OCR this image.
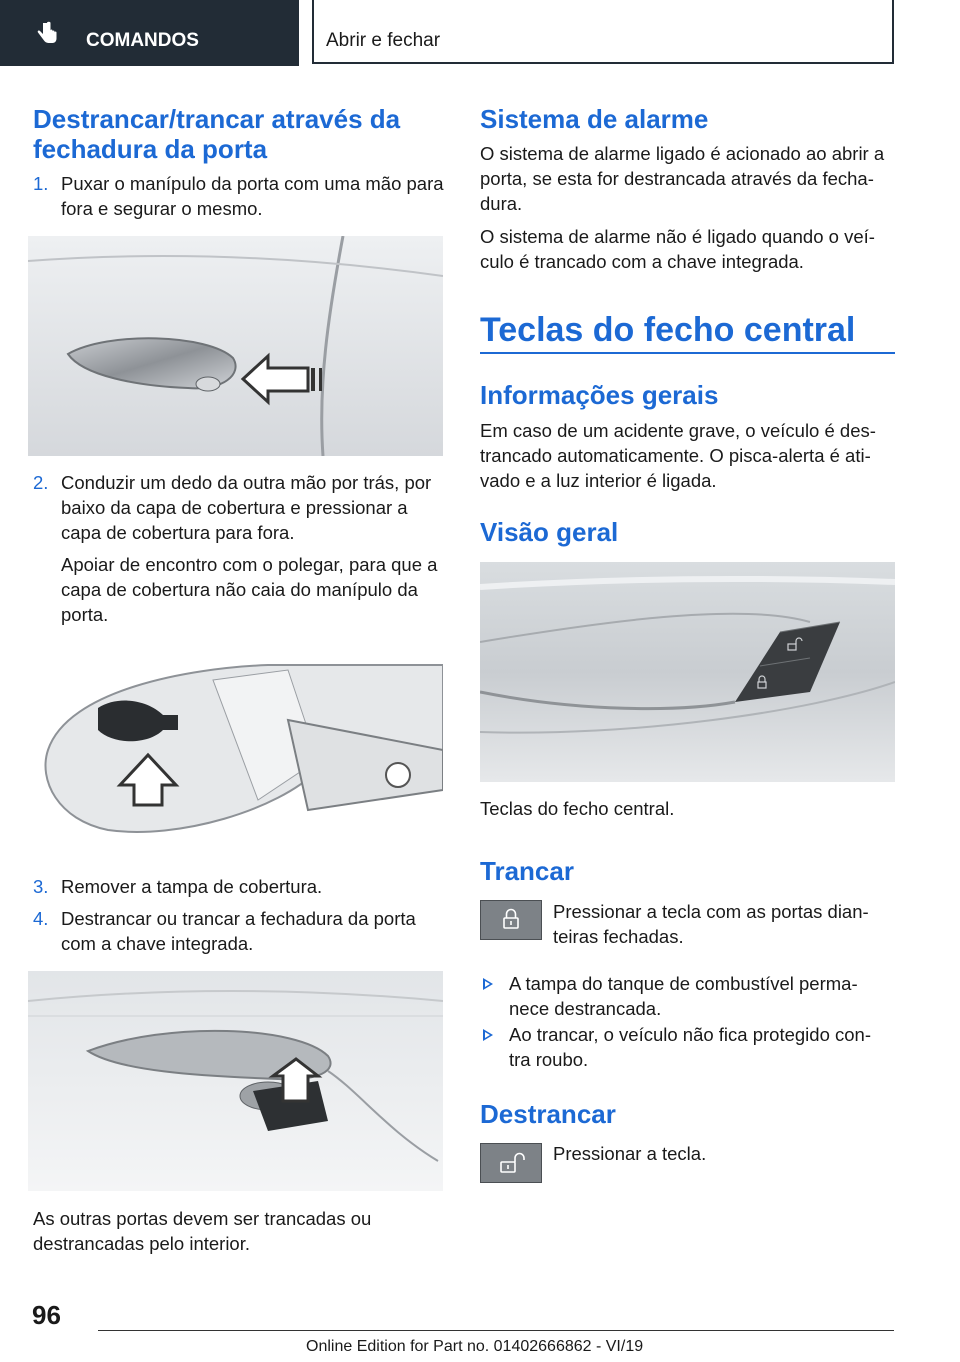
COMANDOS	Abrir e fechar
Destrancar/trancar através da fechadura da porta
1. Puxar o manípulo da porta com uma mão para fora e segurar o mesmo.
2. Conduzir um dedo da outra mão por trás, por baixo da capa de cobertura e pressionar a capa de cobertura para fora.
Apoiar de encontro com o polegar, para que a capa de cobertura não caia do manípulo da porta.
3. Remover a tampa de cobertura.
4. Destrancar ou trancar a fechadura da porta com a chave integrada.
As outras portas devem ser trancadas ou destrancadas pelo interior.
Sistema de alarme
O sistema de alarme ligado é acionado ao abrir a porta, se esta for destrancada através da fecha-dura.
O sistema de alarme não é ligado quando o veí-culo é trancado com a chave integrada.
Teclas do fecho central
Informações gerais
Em caso de um acidente grave, o veículo é des-trancado automaticamente. O pisca-alerta é ati-vado e a luz interior é ligada.
Visão geral
Teclas do fecho central.
Trancar
Pressionar a tecla com as portas dian-teiras fechadas.
A tampa do tanque de combustível perma-nece destrancada.
Ao trancar, o veículo não fica protegido con-tra roubo.
Destrancar
Pressionar a tecla.
96
Online Edition for Part no. 01402666862 - VI/19
